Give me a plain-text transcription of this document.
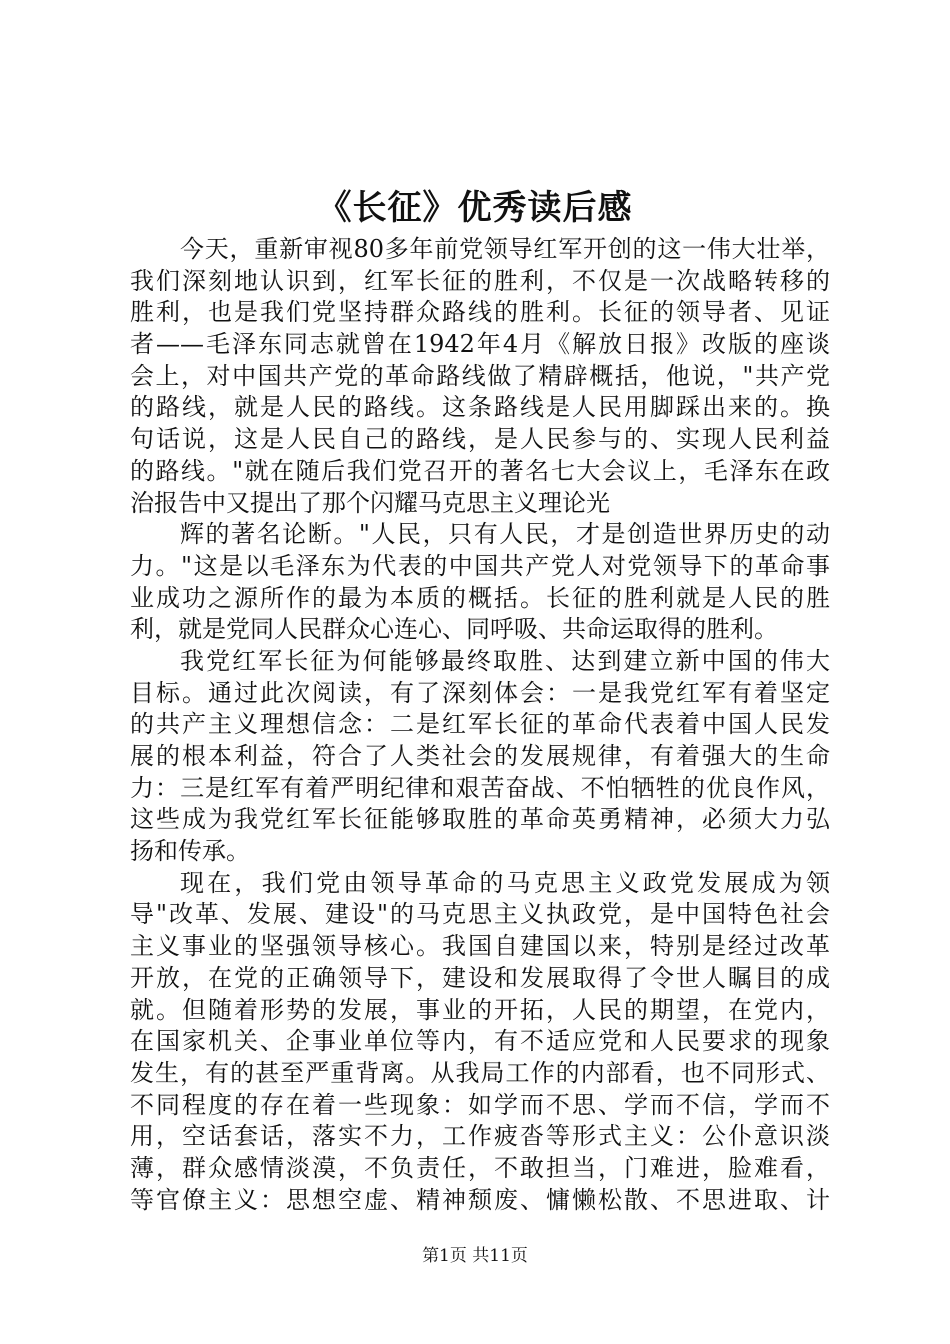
《长征》优秀读后感
今天，重新审视80多年前党领导红军开创的这一伟大壮举，
我们深刻地认识到，红军长征的胜利，不仅是一次战略转移的
胜利，也是我们党坚持群众路线的胜利。长征的领导者、见证
者——毛泽东同志就曾在1942年4月《解放日报》改版的座谈
会上，对中国共产党的革命路线做了精辟概括，他说，"共产党
的路线，就是人民的路线。这条路线是人民用脚踩出来的。换
句话说，这是人民自己的路线，是人民参与的、实现人民利益
的路线。"就在随后我们党召开的著名七大会议上，毛泽东在政
治报告中又提出了那个闪耀马克思主义理论光
辉的著名论断。"人民，只有人民，才是创造世界历史的动
力。"这是以毛泽东为代表的中国共产党人对党领导下的革命事
业成功之源所作的最为本质的概括。长征的胜利就是人民的胜
利，就是党同人民群众心连心、同呼吸、共命运取得的胜利。
我党红军长征为何能够最终取胜、达到建立新中国的伟大
目标。通过此次阅读，有了深刻体会：一是我党红军有着坚定
的共产主义理想信念：二是红军长征的革命代表着中国人民发
展的根本利益，符合了人类社会的发展规律，有着强大的生命
力：三是红军有着严明纪律和艰苦奋战、不怕牺牲的优良作风，
这些成为我党红军长征能够取胜的革命英勇精神，必须大力弘
扬和传承。
现在，我们党由领导革命的马克思主义政党发展成为领
导"改革、发展、建设"的马克思主义执政党，是中国特色社会
主义事业的坚强领导核心。我国自建国以来，特别是经过改革
开放，在党的正确领导下，建设和发展取得了令世人瞩目的成
就。但随着形势的发展，事业的开拓，人民的期望，在党内，
在国家机关、企事业单位等内，有不适应党和人民要求的现象
发生，有的甚至严重背离。从我局工作的内部看，也不同形式、
不同程度的存在着一些现象：如学而不思、学而不信，学而不
用，空话套话，落实不力，工作疲沓等形式主义：公仆意识淡
薄，群众感情淡漠，不负责任，不敢担当，门难进，脸难看，
等官僚主义：思想空虚、精神颓废、慵懒松散、不思进取、计
第1页 共11页
